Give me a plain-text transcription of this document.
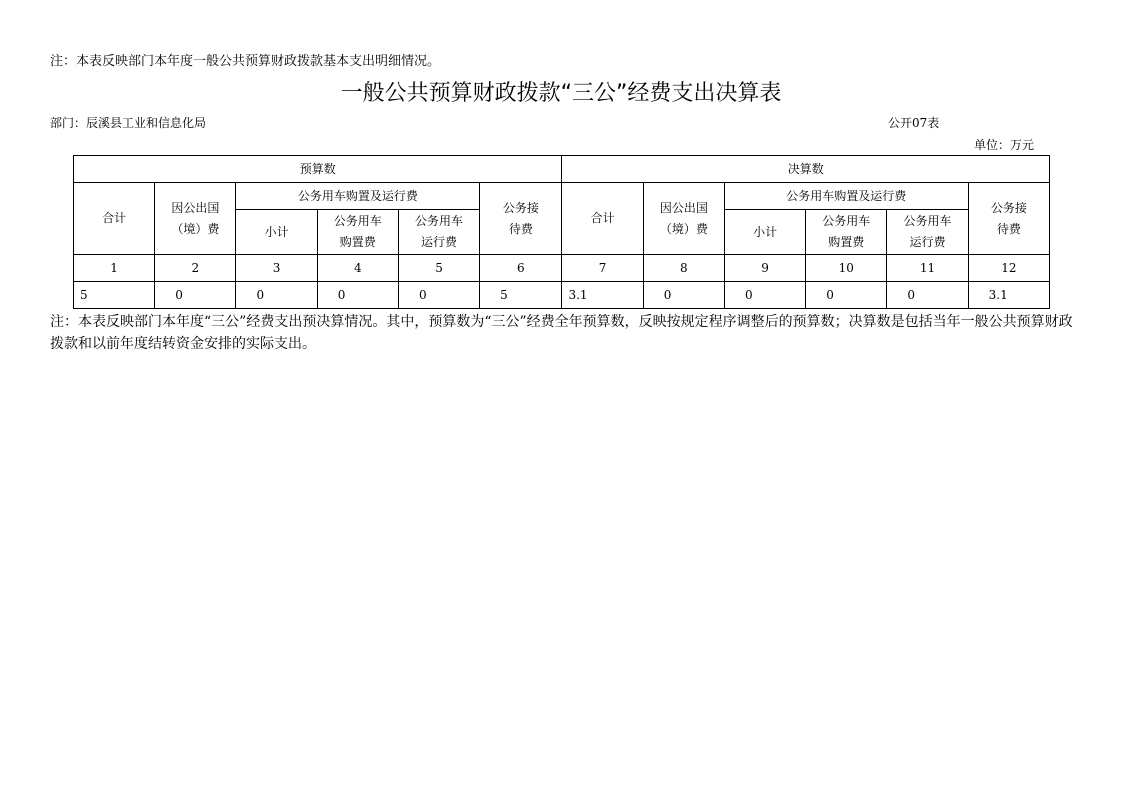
注：本表反映部门本年度一般公共预算财政拨款基本支出明细情况。
一般公共预算财政拨款“三公”经费支出决算表
部门：辰溪县工业和信息化局	公开07表
单位：万元
预算数						决算数					
合计	因公出国（境）费	公务用车购置及运行费			公务接待费	合计	因公出国（境）费	公务用车购置及运行费			公务接待费

		小计	公务用车购置费	公务用车运行费				小计	公务用车购置费	公务用车运行费	

1	2	3	4	5	6	7	8	9	10	11	12
5	0	0	0	0	5	3.1	0	0	0	0	3.1
注：本表反映部门本年度“三公”经费支出预决算情况。其中，预算数为“三公”经费全年预算数，反映按规定程序调整后的预算数；决算数是包括当年一般公共预算财政拨款和以前年度结转资金安排的实际支出。
